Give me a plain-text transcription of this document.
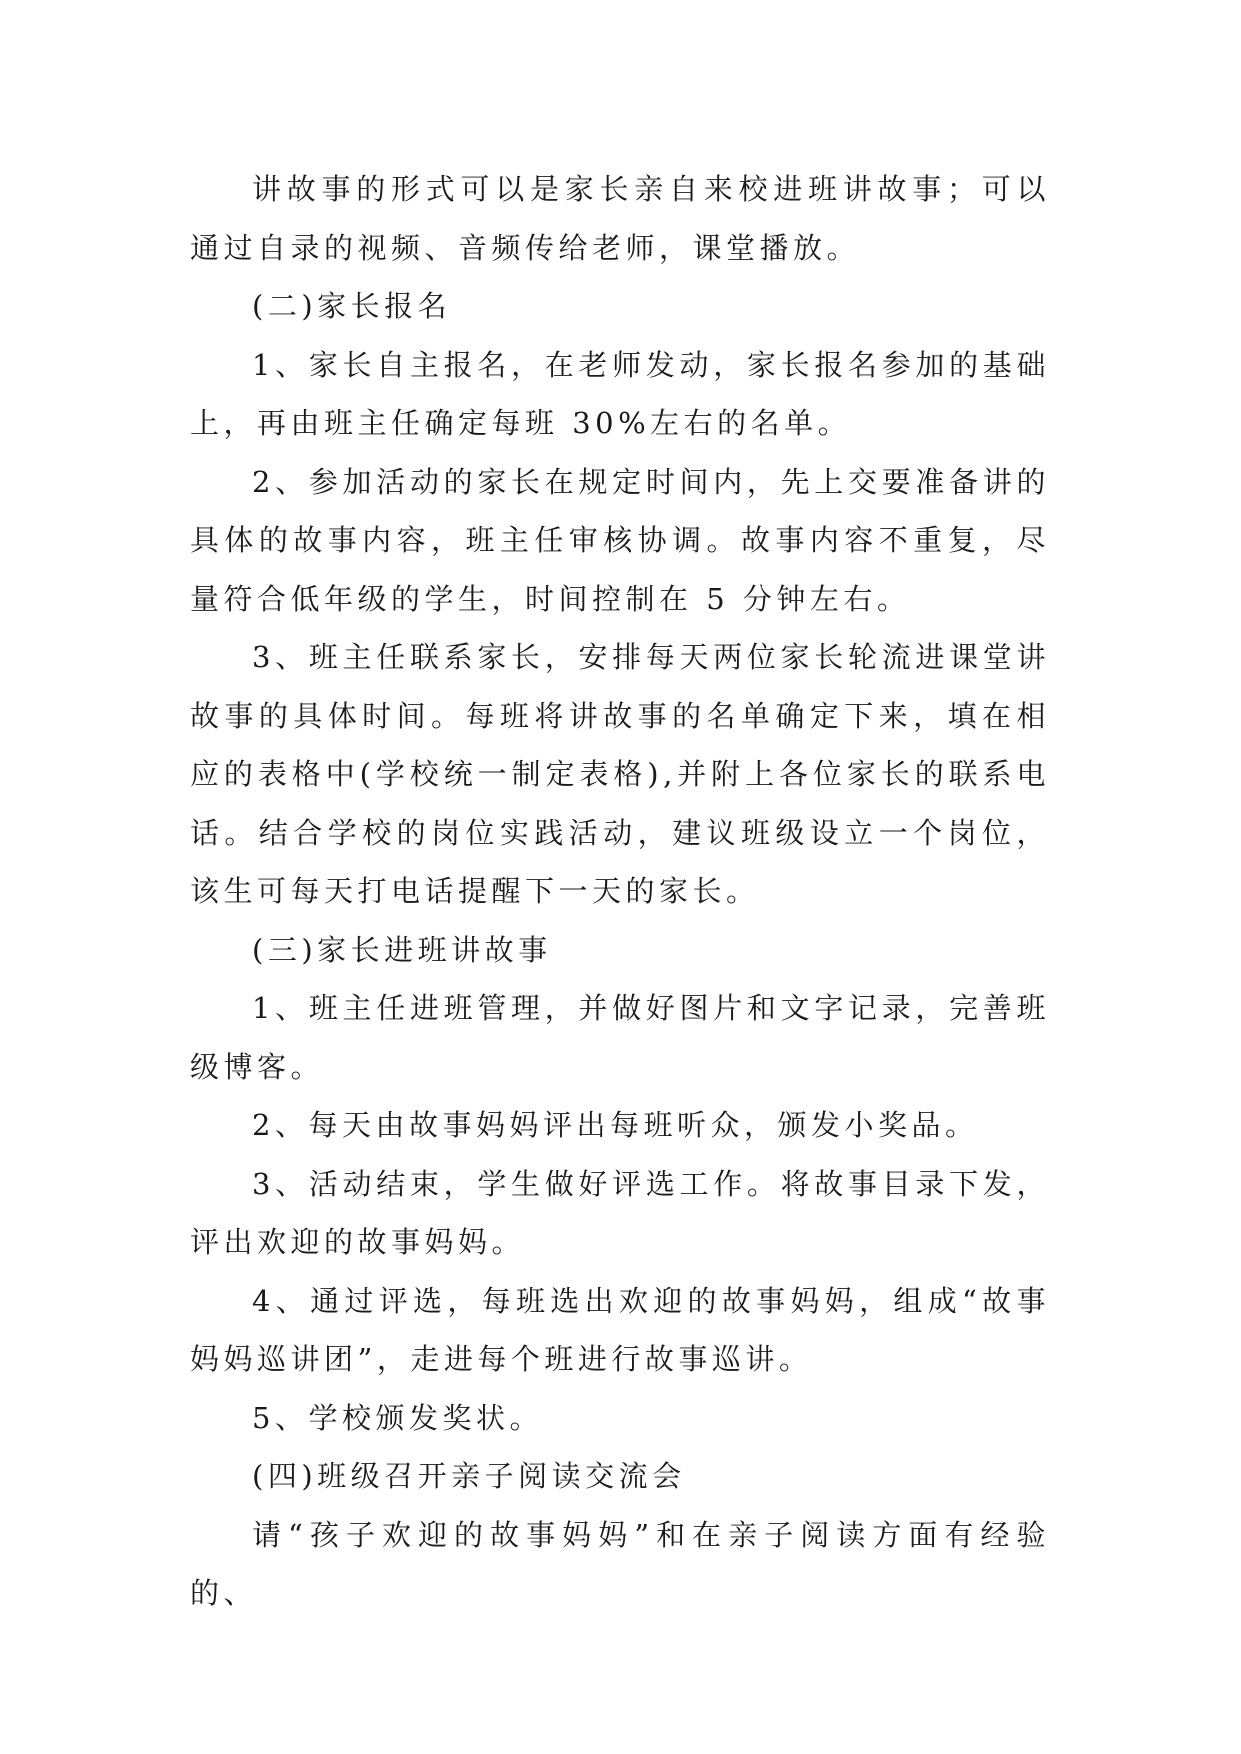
讲故事的形式可以是家长亲自来校进班讲故事；可以通过自录的视频、音频传给老师，课堂播放。

(二)家长报名

1、家长自主报名，在老师发动，家长报名参加的基础上，再由班主任确定每班 30%左右的名单。

2、参加活动的家长在规定时间内，先上交要准备讲的具体的故事内容，班主任审核协调。故事内容不重复，尽量符合低年级的学生，时间控制在 5 分钟左右。

3、班主任联系家长，安排每天两位家长轮流进课堂讲故事的具体时间。每班将讲故事的名单确定下来，填在相应的表格中(学校统一制定表格),并附上各位家长的联系电话。结合学校的岗位实践活动，建议班级设立一个岗位，该生可每天打电话提醒下一天的家长。

(三)家长进班讲故事

1、班主任进班管理，并做好图片和文字记录，完善班级博客。

2、每天由故事妈妈评出每班听众，颁发小奖品。

3、活动结束，学生做好评选工作。将故事目录下发，评出欢迎的故事妈妈。

4、通过评选，每班选出欢迎的故事妈妈，组成“故事妈妈巡讲团”，走进每个班进行故事巡讲。

5、学校颁发奖状。

(四)班级召开亲子阅读交流会

请“孩子欢迎的故事妈妈”和在亲子阅读方面有经验的、
